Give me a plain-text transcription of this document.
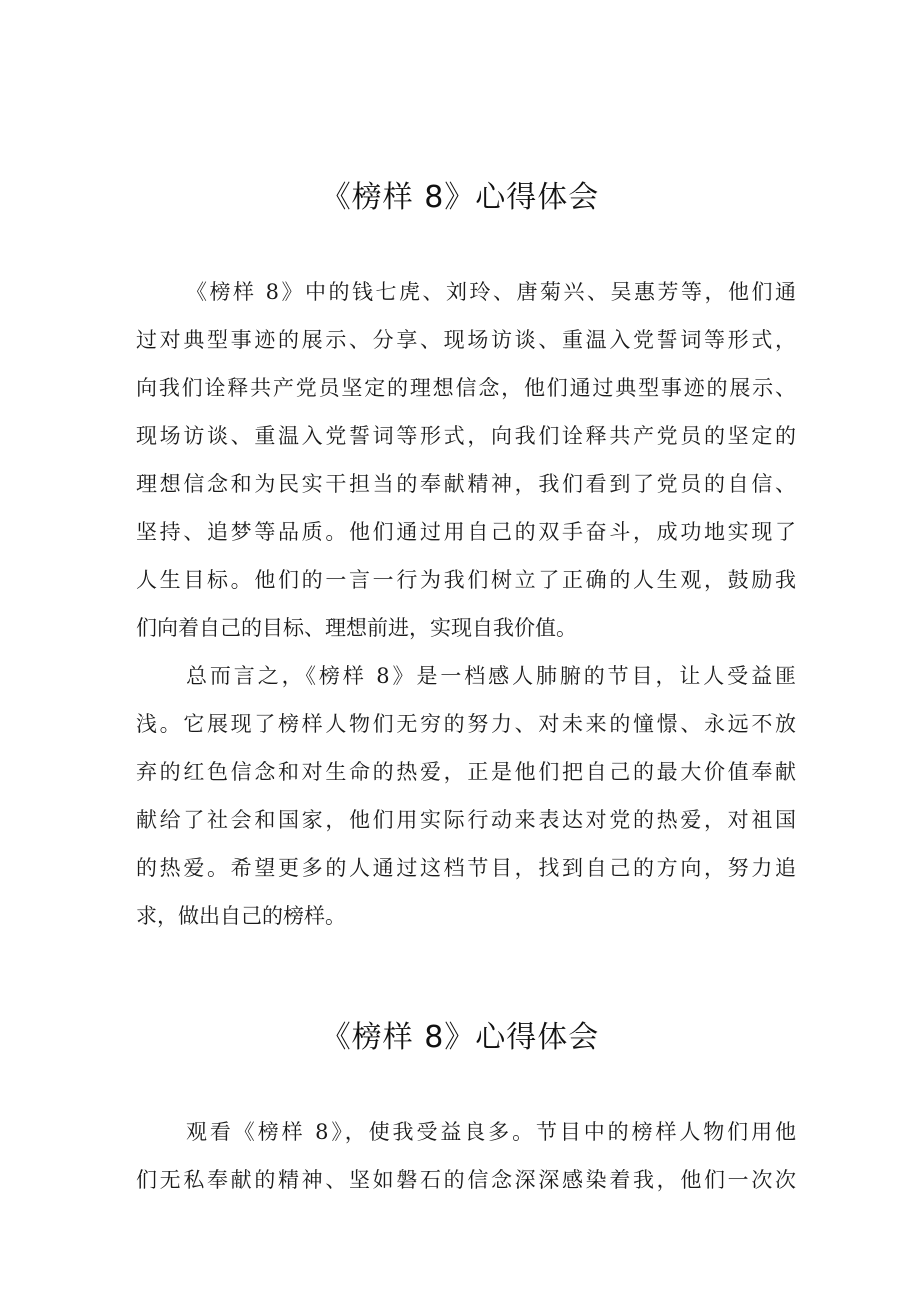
《榜样 8》心得体会
《榜样 8》中的钱七虎、刘玲、唐菊兴、吴惠芳等，他们通
过对典型事迹的展示、分享、现场访谈、重温入党誓词等形式，
向我们诠释共产党员坚定的理想信念，他们通过典型事迹的展示、
现场访谈、重温入党誓词等形式，向我们诠释共产党员的坚定的
理想信念和为民实干担当的奉献精神，我们看到了党员的自信、
坚持、追梦等品质。他们通过用自己的双手奋斗，成功地实现了
人生目标。他们的一言一行为我们树立了正确的人生观，鼓励我
们向着自己的目标、理想前进，实现自我价值。
总而言之，《榜样 8》是一档感人肺腑的节目，让人受益匪
浅。它展现了榜样人物们无穷的努力、对未来的憧憬、永远不放
弃的红色信念和对生命的热爱，正是他们把自己的最大价值奉献
献给了社会和国家，他们用实际行动来表达对党的热爱，对祖国
的热爱。希望更多的人通过这档节目，找到自己的方向，努力追
求，做出自己的榜样。
《榜样 8》心得体会
观看《榜样 8》，使我受益良多。节目中的榜样人物们用他
们无私奉献的精神、坚如磐石的信念深深感染着我，他们一次次
